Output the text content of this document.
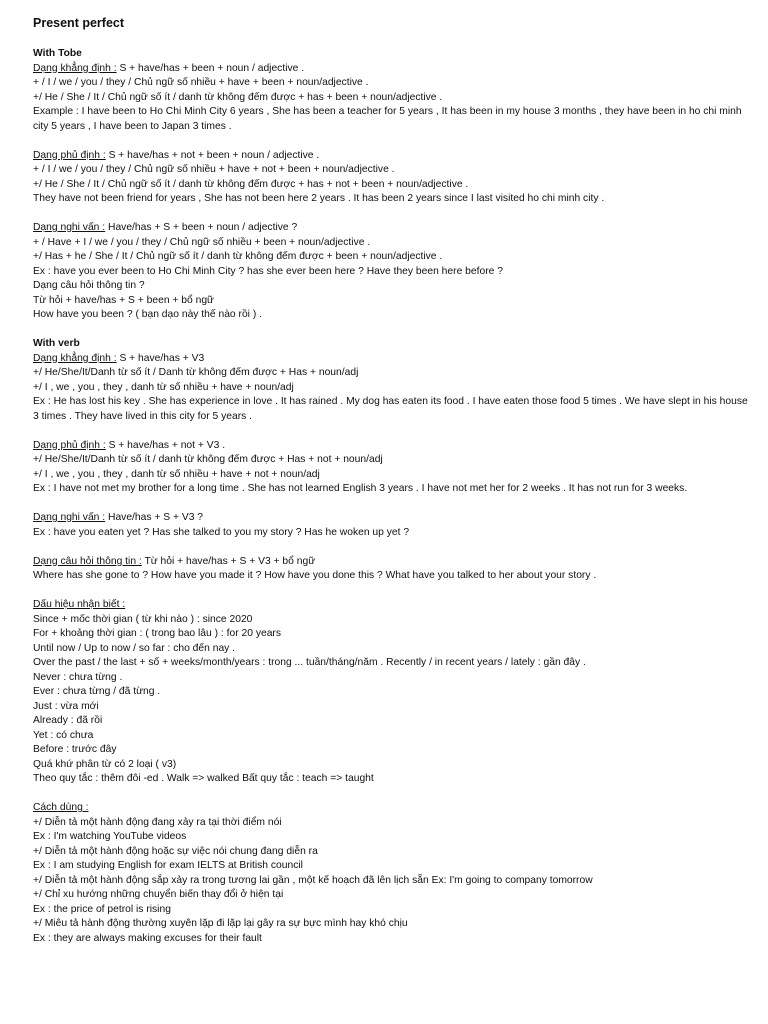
Present perfect
With Tobe
Dạng khẳng định : S + have/has + been + noun / adjective .
+ / I / we / you / they / Chủ ngữ số nhiều + have + been + noun/adjective .
+/ He / She / It / Chủ ngữ số ít / danh từ không đếm được + has + been + noun/adjective .
Example : I have been to Ho Chi Minh City 6 years , She has been a teacher for 5 years , It has been in my house 3 months , they have been in ho chi minh city 5 years , I have been to Japan 3 times .
Dạng phủ định : S + have/has + not + been + noun / adjective .
+ / I / we / you / they / Chủ ngữ số nhiều + have + not + been + noun/adjective .
+/ He / She / It / Chủ ngữ số ít / danh từ không đếm được + has + not + been + noun/adjective .
They have not been friend for years , She has not been here 2 years . It has been 2 years since I last visited ho chi minh city .
Dạng nghi vấn : Have/has + S + been + noun / adjective ?
+ / Have + I / we / you / they / Chủ ngữ số nhiều + been + noun/adjective .
+/ Has + he / She / It / Chủ ngữ số ít / danh từ không đếm được + been + noun/adjective .
Ex : have you ever been to Ho Chi Minh City ? has she ever been here ? Have they been here before ?
Dạng câu hỏi thông tin ?
Từ hỏi + have/has + S + been + bổ ngữ
How have you been ? ( bạn dạo này thế nào rồi ) .
With verb
Dạng khẳng định : S + have/has + V3
+/ He/She/It/Danh từ số ít / Danh từ không đếm được + Has + noun/adj
+/ I , we , you , they , danh từ số nhiều + have + noun/adj
Ex : He has lost his key . She has experience in love . It has rained . My dog has eaten its food . I have eaten those food 5 times . We have slept in his house 3 times . They have lived in this city for 5 years .
Dạng phủ định : S + have/has + not + V3 .
+/ He/She/It/Danh từ số ít / danh từ không đếm được + Has + not + noun/adj
+/ I , we , you , they , danh từ số nhiều + have + not + noun/adj
Ex : I have not met my brother for a long time . She has not learned English 3 years . I have not met her for 2 weeks . It has not run for 3 weeks.
Dạng nghi vấn : Have/has + S + V3 ?
Ex : have you eaten yet ? Has she talked to you my story ? Has he woken up yet ?
Dạng câu hỏi thông tin : Từ hỏi + have/has + S + V3 + bổ ngữ
Where has she gone to ? How have you made it ? How have you done this ? What have you talked to her about your story .
Dấu hiệu nhận biết :
Since + mốc thời gian ( từ khi nào ) : since 2020
For + khoảng thời gian : ( trong bao lâu ) : for 20 years
Until now / Up to now / so far : cho đến nay .
Over the past / the last + số + weeks/month/years : trong ... tuần/tháng/năm . Recently / in recent years / lately : gần đây .
Never : chưa từng .
Ever : chưa từng / đã từng .
Just : vừa mới
Already : đã rồi
Yet : có chưa
Before : trước đây
Quá khứ phân từ có 2 loại ( v3)
Theo quy tắc : thêm đôi -ed . Walk => walked Bất quy tắc : teach => taught
Cách dùng :
+/ Diễn tả một hành động đang xảy ra tại thời điểm nói
Ex : I'm watching YouTube videos
+/ Diễn tả một hành động hoặc sự việc nói chung đang diễn ra
Ex : I am studying English for exam IELTS at British council
+/ Diễn tả một hành động sắp xảy ra trong tương lai gần , một kế hoạch đã lên lịch sẵn Ex: I'm going to company tomorrow
+/ Chỉ xu hướng những chuyển biến thay đổi ở hiện tại
Ex : the price of petrol is rising
+/ Miêu tả hành động thường xuyên lặp đi lặp lại gây ra sự bực mình hay khó chịu
Ex : they are always making excuses for their fault
